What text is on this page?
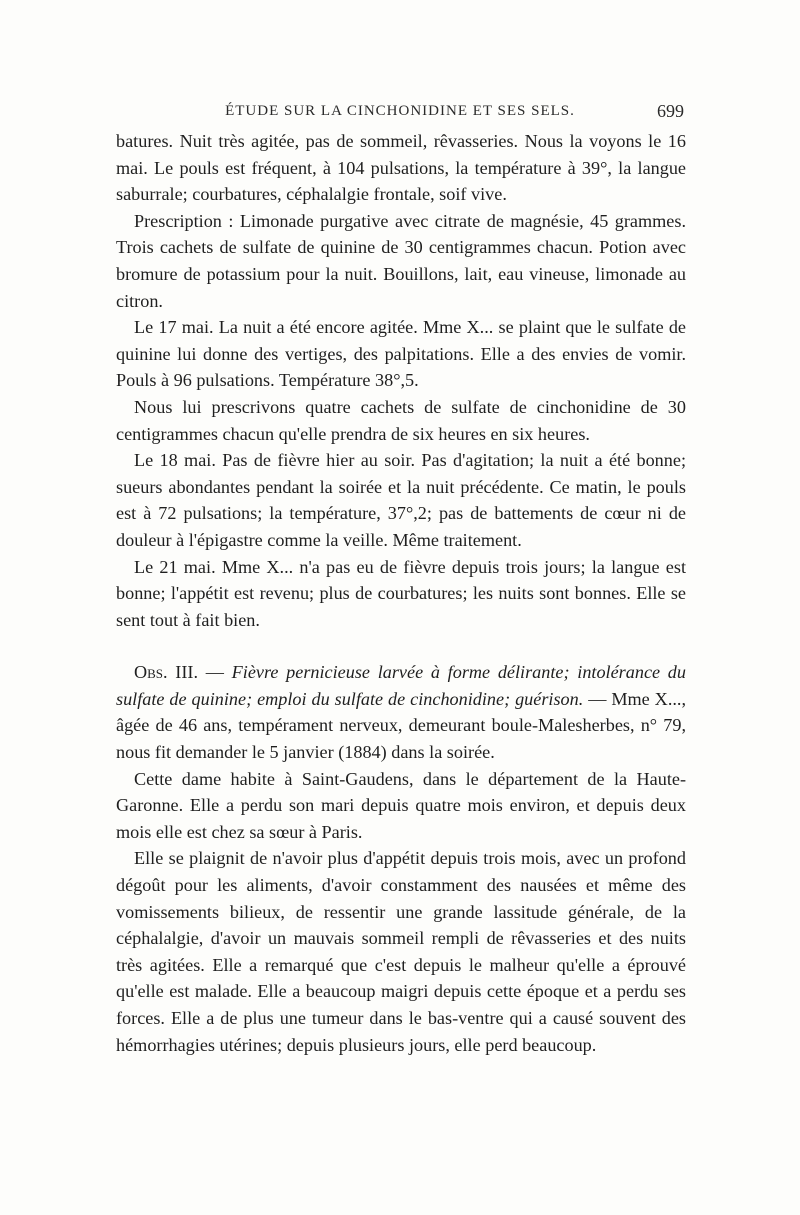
ÉTUDE SUR LA CINCHONIDINE ET SES SELS.	699

batures. Nuit très agitée, pas de sommeil, rêvasseries. Nous la voyons le 16 mai. Le pouls est fréquent, à 104 pulsations, la température à 39°, la langue saburrale; courbatures, céphalalgie frontale, soif vive.

Prescription : Limonade purgative avec citrate de magnésie, 45 grammes. Trois cachets de sulfate de quinine de 30 centigrammes chacun. Potion avec bromure de potassium pour la nuit. Bouillons, lait, eau vineuse, limonade au citron.

Le 17 mai. La nuit a été encore agitée. Mme X... se plaint que le sulfate de quinine lui donne des vertiges, des palpitations. Elle a des envies de vomir. Pouls à 96 pulsations. Température 38°,5.

Nous lui prescrivons quatre cachets de sulfate de cinchonidine de 30 centigrammes chacun qu'elle prendra de six heures en six heures.

Le 18 mai. Pas de fièvre hier au soir. Pas d'agitation; la nuit a été bonne; sueurs abondantes pendant la soirée et la nuit précédente. Ce matin, le pouls est à 72 pulsations; la température, 37°,2; pas de battements de cœur ni de douleur à l'épigastre comme la veille. Même traitement.

Le 21 mai. Mme X... n'a pas eu de fièvre depuis trois jours; la langue est bonne; l'appétit est revenu; plus de courbatures; les nuits sont bonnes. Elle se sent tout à fait bien.

Obs. III. — Fièvre pernicieuse larvée à forme délirante; intolérance du sulfate de quinine; emploi du sulfate de cinchonidine; guérison. — Mme X..., âgée de 46 ans, tempérament nerveux, demeurant boule-Malesherbes, n° 79, nous fit demander le 5 janvier (1884) dans la soirée.

Cette dame habite à Saint-Gaudens, dans le département de la Haute-Garonne. Elle a perdu son mari depuis quatre mois environ, et depuis deux mois elle est chez sa sœur à Paris.

Elle se plaignit de n'avoir plus d'appétit depuis trois mois, avec un profond dégoût pour les aliments, d'avoir constamment des nausées et même des vomissements bilieux, de ressentir une grande lassitude générale, de la céphalalgie, d'avoir un mauvais sommeil rempli de rêvasseries et des nuits très agitées. Elle a remarqué que c'est depuis le malheur qu'elle a éprouvé qu'elle est malade. Elle a beaucoup maigri depuis cette époque et a perdu ses forces. Elle a de plus une tumeur dans le bas-ventre qui a causé souvent des hémorrhagies utérines; depuis plusieurs jours, elle perd beaucoup.
